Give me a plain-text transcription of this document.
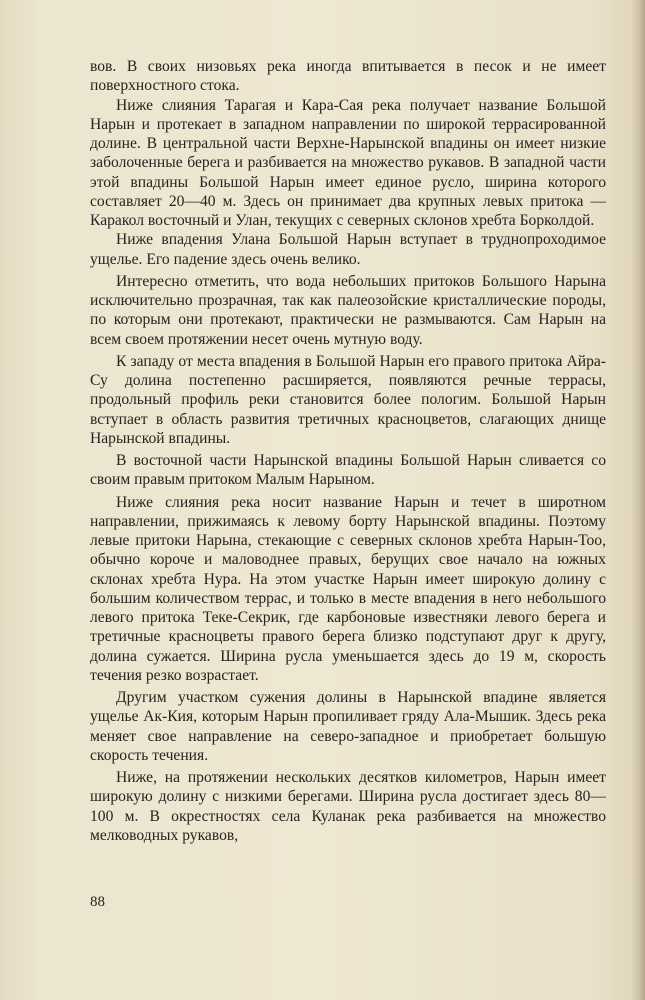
вов. В своих низовьях река иногда впитывается в песок и не имеет поверхностного стока.

Ниже слияния Тарагая и Кара-Сая река получает название Большой Нарын и протекает в западном направлении по широкой террасированной долине. В центральной части Верхне-Нарынской впадины он имеет низкие заболоченные берега и разбивается на множество рукавов. В западной части этой впадины Большой Нарын имеет единое русло, ширина которого составляет 20—40 м. Здесь он принимает два крупных левых притока — Каракол восточный и Улан, текущих с северных склонов хребта Борколдой.

Ниже впадения Улана Большой Нарын вступает в труднопроходимое ущелье. Его падение здесь очень велико.

Интересно отметить, что вода небольших притоков Большого Нарына исключительно прозрачная, так как палеозойские кристаллические породы, по которым они протекают, практически не размываются. Сам Нарын на всем своем протяжении несет очень мутную воду.

К западу от места впадения в Большой Нарын его правого притока Айра-Су долина постепенно расширяется, появляются речные террасы, продольный профиль реки становится более пологим. Большой Нарын вступает в область развития третичных красноцветов, слагающих днище Нарынской впадины.

В восточной части Нарынской впадины Большой Нарын сливается со своим правым притоком Малым Нарыном.

Ниже слияния река носит название Нарын и течет в широтном направлении, прижимаясь к левому борту Нарынской впадины. Поэтому левые притоки Нарына, стекающие с северных склонов хребта Нарын-Тоо, обычно короче и маловоднее правых, берущих свое начало на южных склонах хребта Нура. На этом участке Нарын имеет широкую долину с большим количеством террас, и только в месте впадения в него небольшого левого притока Теке-Секрик, где карбоновые известняки левого берега и третичные красноцветы правого берега близко подступают друг к другу, долина сужается. Ширина русла уменьшается здесь до 19 м, скорость течения резко возрастает.

Другим участком сужения долины в Нарынской впадине является ущелье Ак-Кия, которым Нарын пропиливает гряду Ала-Мышик. Здесь река меняет свое направление на северо-западное и приобретает большую скорость течения.

Ниже, на протяжении нескольких десятков километров, Нарын имеет широкую долину с низкими берегами. Ширина русла достигает здесь 80—100 м. В окрестностях села Куланак река разбивается на множество мелководных рукавов,

88
